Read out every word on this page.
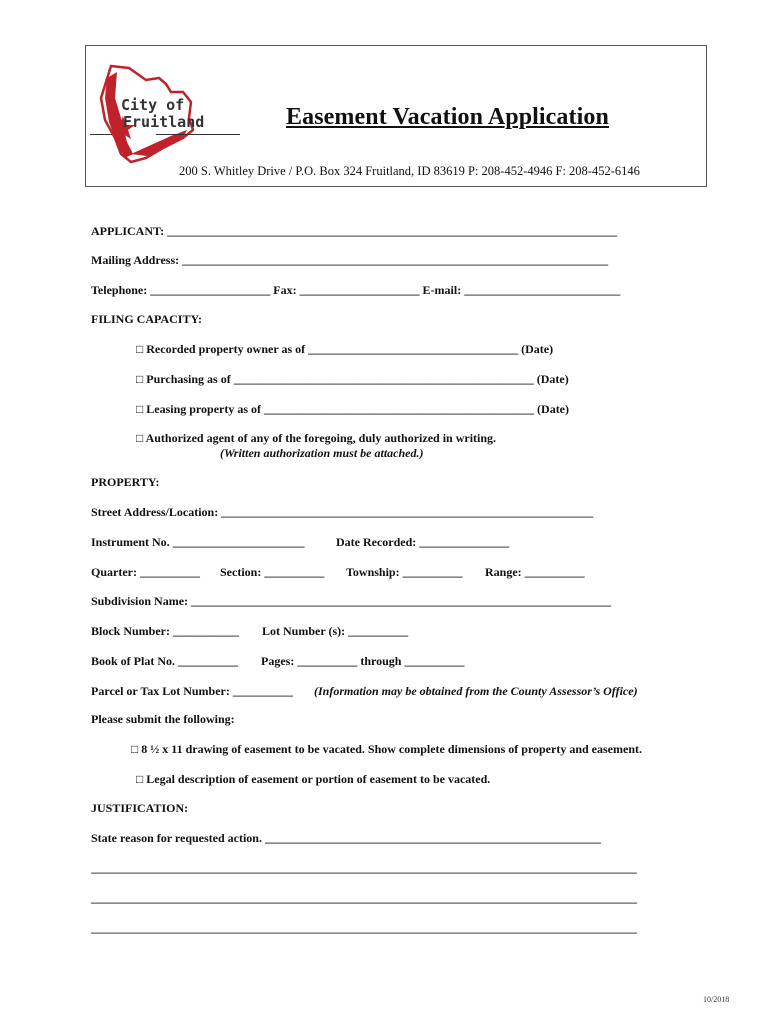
City of
Fruitland	Easement Vacation Application
200 S. Whitley Drive / P.O. Box 324 Fruitland, ID 83619 P: 208-452-4946 F: 208-452-6146
APPLICANT: ___________________________________________________________________________
Mailing Address: _______________________________________________________________________
Telephone: ____________________ Fax: ____________________ E-mail: __________________________
FILING CAPACITY:
□ Recorded property owner as of ___________________________________ (Date)
□ Purchasing as of __________________________________________________ (Date)
□ Leasing property as of _____________________________________________ (Date)
□ Authorized agent of any of the foregoing, duly authorized in writing.
(Written authorization must be attached.)
PROPERTY:
Street Address/Location: ______________________________________________________________
Instrument No. ______________________	Date Recorded: _______________
Quarter: __________ Section: __________ Township: __________ Range: __________
Subdivision Name: ______________________________________________________________________
Block Number: ___________ Lot Number (s): __________
Book of Plat No. __________ Pages: __________ through __________
Parcel or Tax Lot Number: __________ (Information may be obtained from the County Assessor’s Office)
Please submit the following:
□ 8 ½ x 11 drawing of easement to be vacated. Show complete dimensions of property and easement.
□ Legal description of easement or portion of easement to be vacated.
JUSTIFICATION:
State reason for requested action. ________________________________________________________
___________________________________________________________________________________________
___________________________________________________________________________________________
___________________________________________________________________________________________
10/2018
